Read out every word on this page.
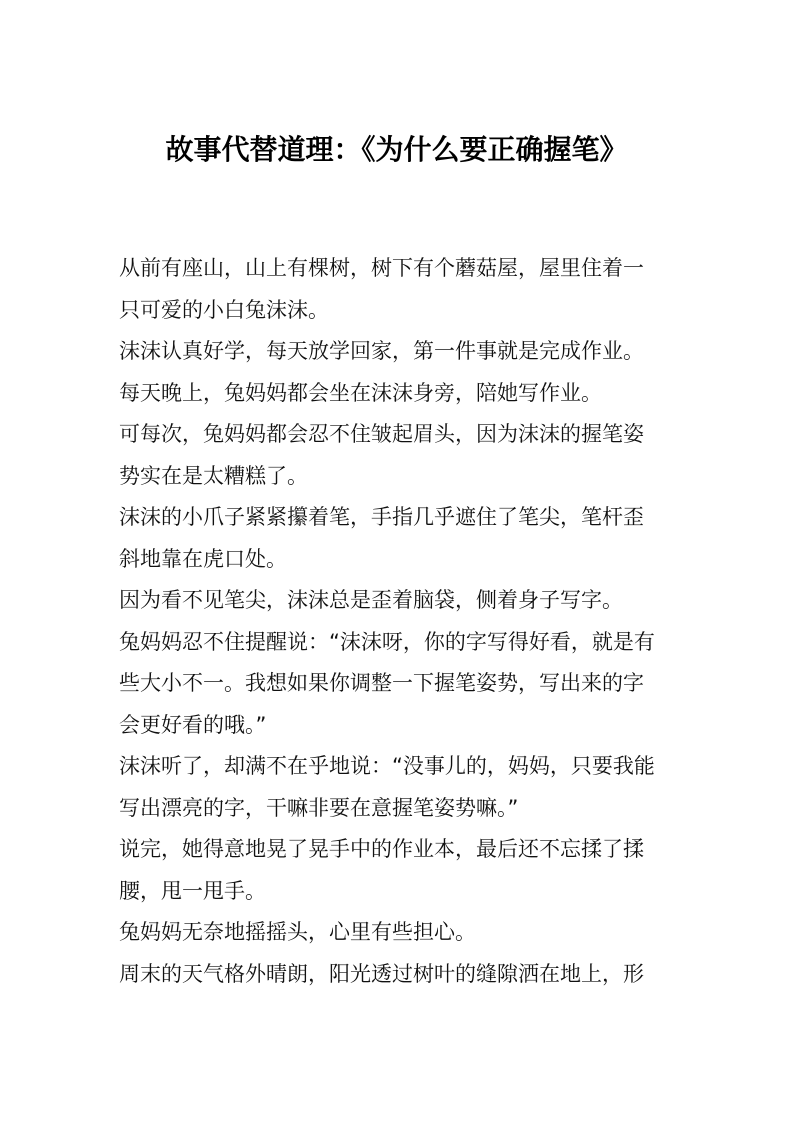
故事代替道理：《为什么要正确握笔》
从前有座山，山上有棵树，树下有个蘑菇屋，屋里住着一
只可爱的小白兔沫沫。
沫沫认真好学，每天放学回家，第一件事就是完成作业。
每天晚上，兔妈妈都会坐在沫沫身旁，陪她写作业。
可每次，兔妈妈都会忍不住皱起眉头，因为沫沫的握笔姿
势实在是太糟糕了。
沫沫的小爪子紧紧攥着笔，手指几乎遮住了笔尖，笔杆歪
斜地靠在虎口处。
因为看不见笔尖，沫沫总是歪着脑袋，侧着身子写字。
兔妈妈忍不住提醒说：“沫沫呀，你的字写得好看，就是有
些大小不一。我想如果你调整一下握笔姿势，写出来的字
会更好看的哦。”
沫沫听了，却满不在乎地说：“没事儿的，妈妈，只要我能
写出漂亮的字，干嘛非要在意握笔姿势嘛。”
说完，她得意地晃了晃手中的作业本，最后还不忘揉了揉
腰，甩一甩手。
兔妈妈无奈地摇摇头，心里有些担心。
周末的天气格外晴朗，阳光透过树叶的缝隙洒在地上，形
